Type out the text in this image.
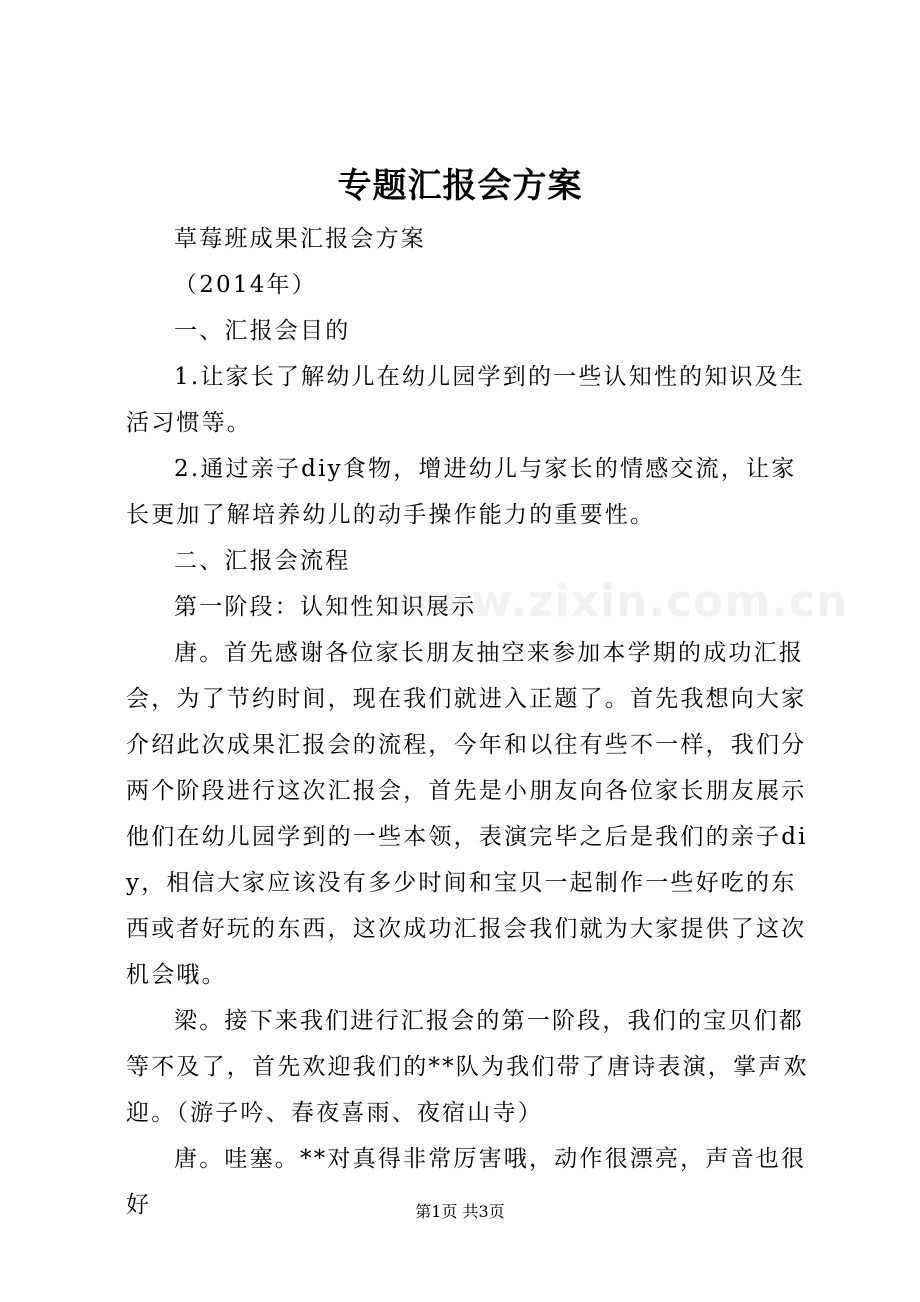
专题汇报会方案

草莓班成果汇报会方案

（2014年）

一、汇报会目的

1.让家长了解幼儿在幼儿园学到的一些认知性的知识及生活习惯等。

2.通过亲子diy食物，增进幼儿与家长的情感交流，让家长更加了解培养幼儿的动手操作能力的重要性。

二、汇报会流程

第一阶段：认知性知识展示

唐。首先感谢各位家长朋友抽空来参加本学期的成功汇报会，为了节约时间，现在我们就进入正题了。首先我想向大家介绍此次成果汇报会的流程，今年和以往有些不一样，我们分两个阶段进行这次汇报会，首先是小朋友向各位家长朋友展示他们在幼儿园学到的一些本领，表演完毕之后是我们的亲子diy，相信大家应该没有多少时间和宝贝一起制作一些好吃的东西或者好玩的东西，这次成功汇报会我们就为大家提供了这次机会哦。

梁。接下来我们进行汇报会的第一阶段，我们的宝贝们都等不及了，首先欢迎我们的**队为我们带了唐诗表演，掌声欢迎。（游子吟、春夜喜雨、夜宿山寺）

唐。哇塞。**对真得非常厉害哦，动作很漂亮，声音也很好

www.zixin.com.cn
第1页 共3页
